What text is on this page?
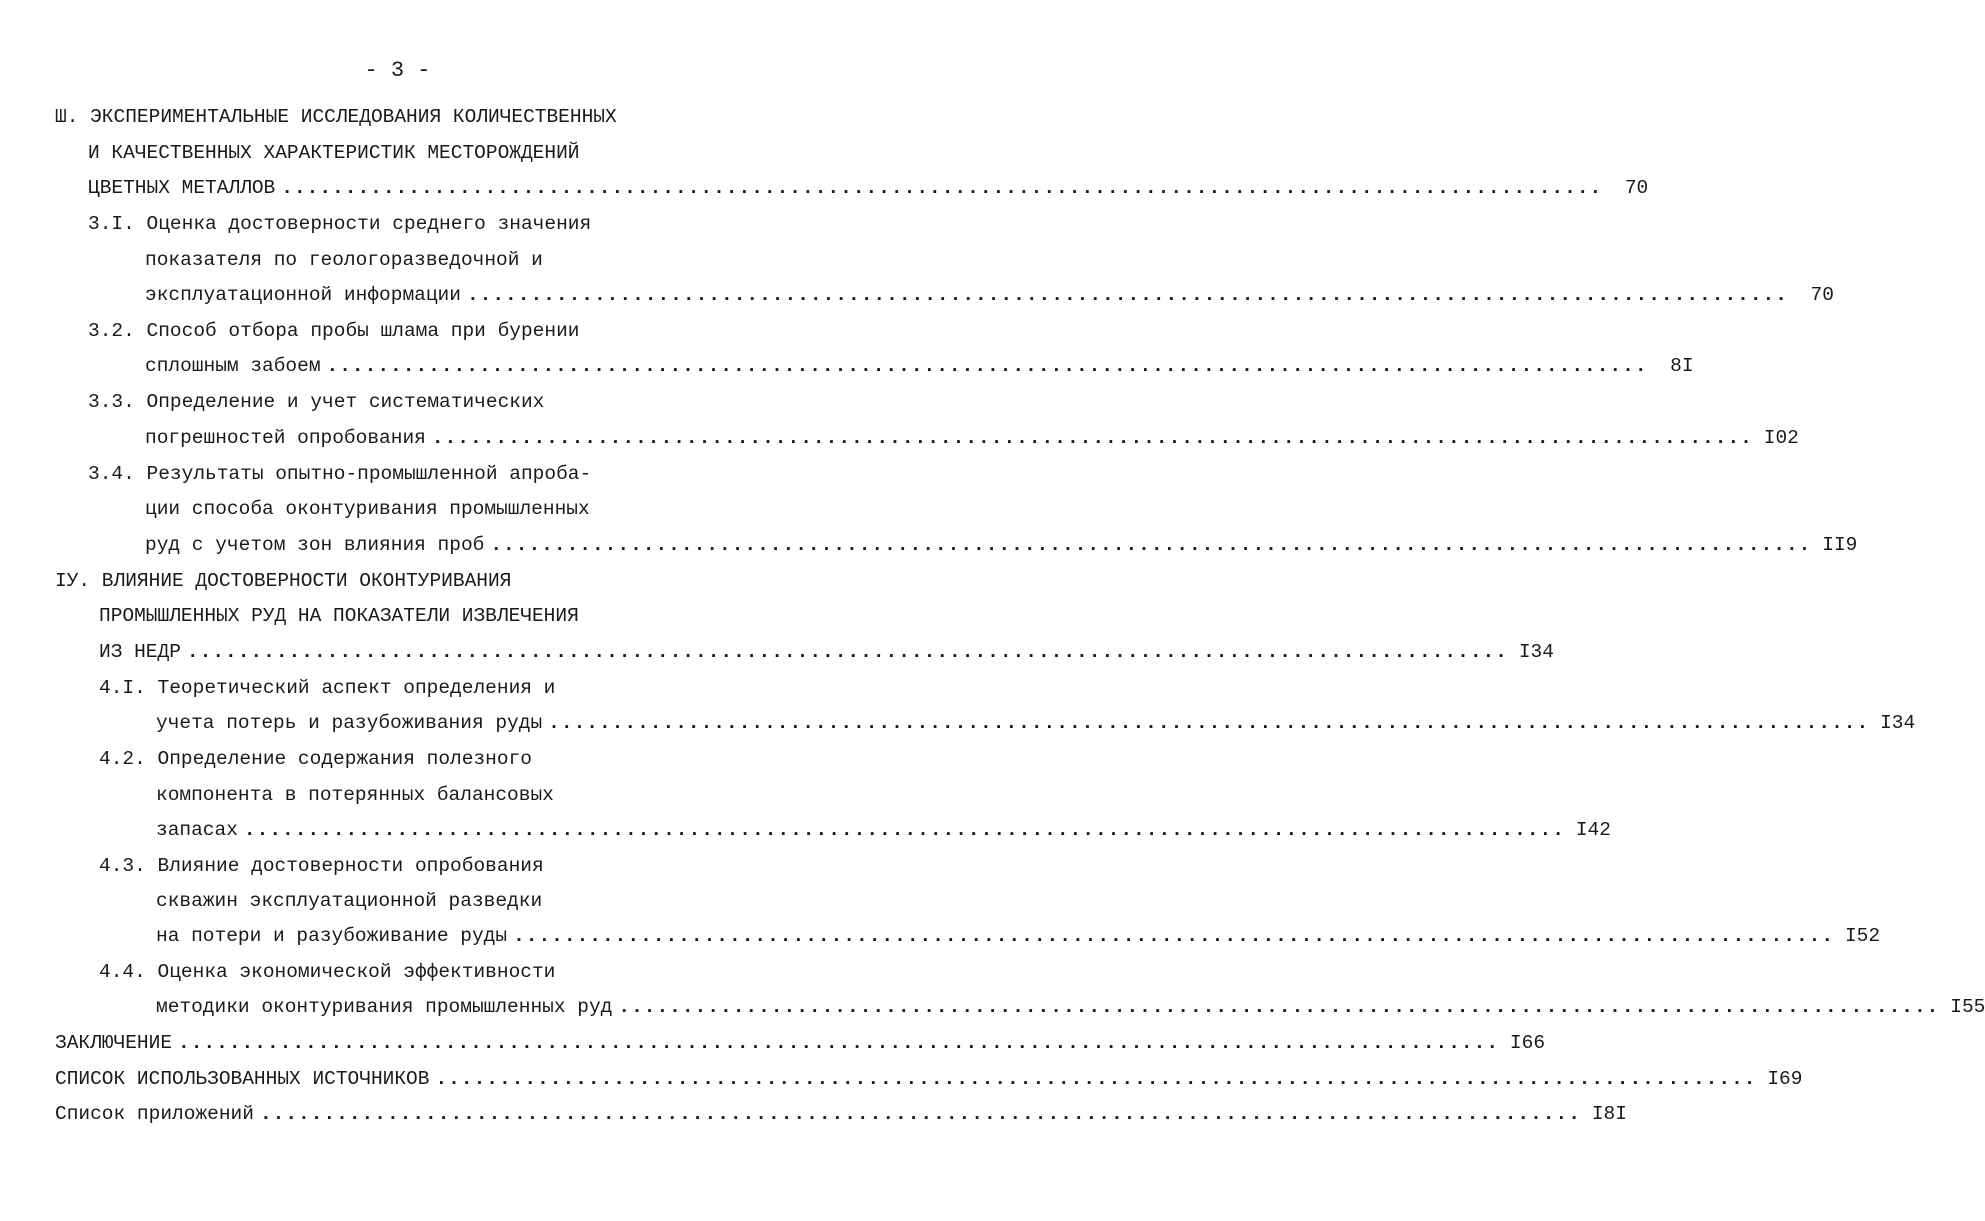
- 3 -
Ш. ЭКСПЕРИМЕНТАЛЬНЫЕ ИССЛЕДОВАНИЯ КОЛИЧЕСТВЕННЫХ
И КАЧЕСТВЕННЫХ ХАРАКТЕРИСТИК МЕСТОРОЖДЕНИЙ
ЦВЕТНЫХ МЕТАЛЛОВ ........................................................................................................	70
3.I. Оценка достоверности среднего значения
показателя по геологоразведочной и
эксплуатационной информации ........................................................................................................	70
3.2. Способ отбора пробы шлама при бурении
сплошным забоем ........................................................................................................	8I
3.3. Определение и учет систематических
погрешностей опробования ........................................................................................................ I02
3.4. Результаты опытно-промышленной апроба-
ции способа оконтуривания промышленных
руд с учетом зон влияния проб ........................................................................................................ II9
IУ. ВЛИЯНИЕ ДОСТОВЕРНОСТИ ОКОНТУРИВАНИЯ
ПРОМЫШЛЕННЫХ РУД НА ПОКАЗАТЕЛИ ИЗВЛЕЧЕНИЯ
ИЗ НЕДР ........................................................................................................ I34
4.I. Теоретический аспект определения и
учета потерь и разубоживания руды ........................................................................................................ I34
4.2. Определение содержания полезного
компонента в потерянных балансовых
запасах ........................................................................................................ I42
4.3. Влияние достоверности опробования
скважин эксплуатационной разведки
на потери и разубоживание руды ........................................................................................................ I52
4.4. Оценка экономической эффективности
методики оконтуривания промышленных руд ........................................................................................................ I55
ЗАКЛЮЧЕНИЕ ........................................................................................................ I66
СПИСОК ИСПОЛЬЗОВАННЫХ ИСТОЧНИКОВ ........................................................................................................ I69
Список приложений ........................................................................................................ I8I
